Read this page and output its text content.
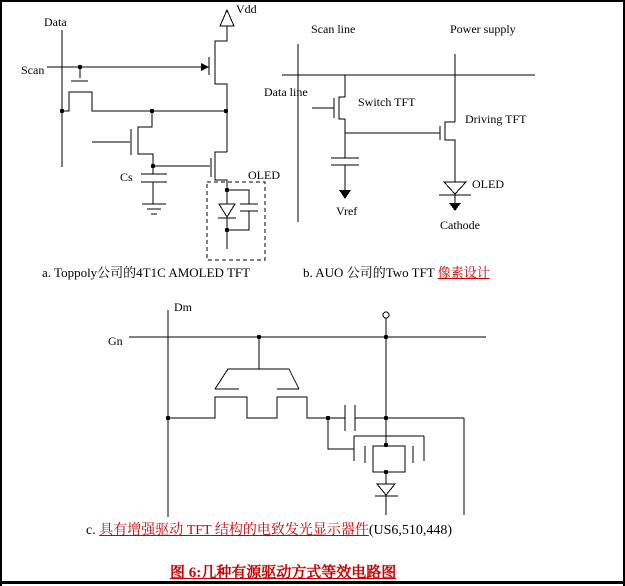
Data
Scan
Vdd
Cs	OLED
Scan line	Power supply
Data line
Switch TFT
Driving TFT
Vref
OLED
Cathode
Dm
Gn
a. Toppoly公司的4T1C AMOLED TFT	b. AUO 公司的Two TFT 像素设计
c. 具有增强驱动 TFT 结构的电致发光显示器件(US6,510,448)
图 6:几种有源驱动方式等效电路图
